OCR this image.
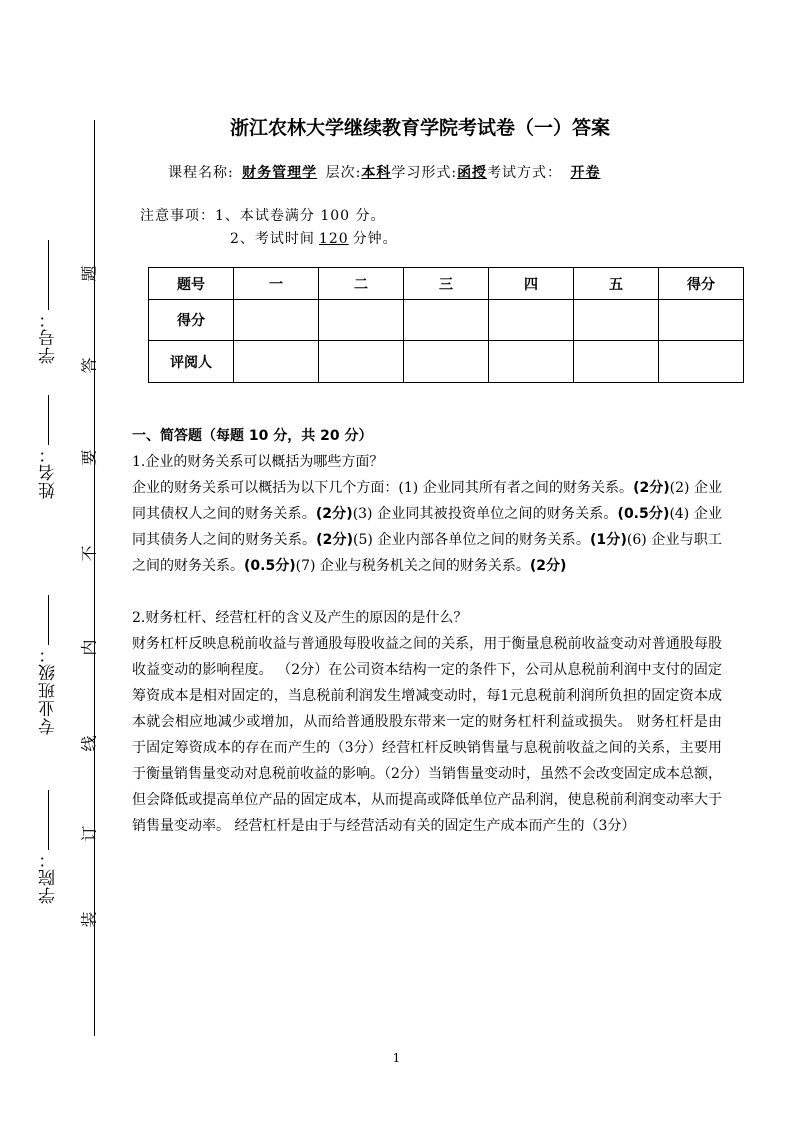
学号：
姓名：
专业班级：
学院：
题
答
要
不
内
线
订
装
浙江农林大学继续教育学院考试卷（一）答案
课程名称: 财务管理学 层次:本科学习形式:函授考试方式： 开卷
注意事项：1、本试卷满分 100 分。
2、考试时间 120 分钟。
题号	一	二	三	四	五	得分
得分						
评阅人						

一、简答题（每题 10 分，共 20 分）

1.企业的财务关系可以概括为哪些方面？

企业的财务关系可以概括为以下几个方面：(1) 企业同其所有者之间的财务关系。(2分)(2) 企业同其债权人之间的财务关系。(2分)(3) 企业同其被投资单位之间的财务关系。(0.5分)(4) 企业同其债务人之间的财务关系。(2分)(5) 企业内部各单位之间的财务关系。(1分)(6) 企业与职工之间的财务关系。(0.5分)(7) 企业与税务机关之间的财务关系。(2分)

2.财务杠杆、经营杠杆的含义及产生的原因的是什么？

财务杠杆反映息税前收益与普通股每股收益之间的关系，用于衡量息税前收益变动对普通股每股收益变动的影响程度。 （2分）在公司资本结构一定的条件下，公司从息税前利润中支付的固定筹资成本是相对固定的，当息税前利润发生增减变动时，每1元息税前利润所负担的固定资本成本就会相应地减少或增加，从而给普通股股东带来一定的财务杠杆利益或损失。 财务杠杆是由于固定筹资成本的存在而产生的（3分）经营杠杆反映销售量与息税前收益之间的关系，主要用于衡量销售量变动对息税前收益的影响。（2分）当销售量变动时，虽然不会改变固定成本总额，但会降低或提高单位产品的固定成本，从而提高或降低单位产品利润，使息税前利润变动率大于销售量变动率。 经营杠杆是由于与经营活动有关的固定生产成本而产生的（3分）

1
